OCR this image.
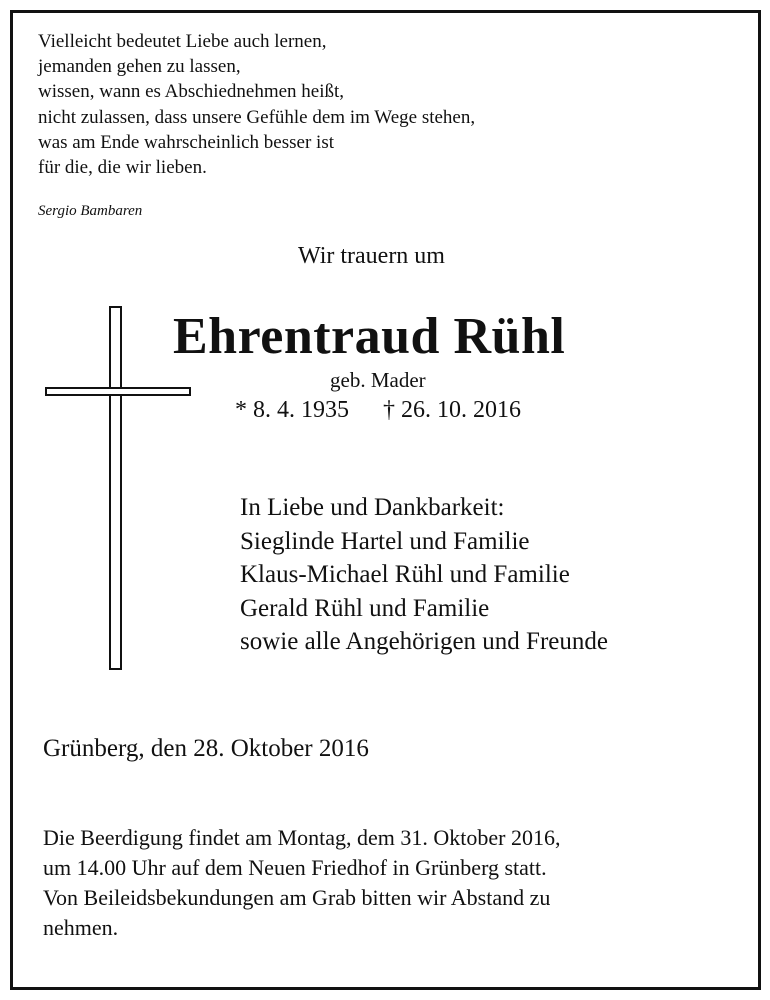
Vielleicht bedeutet Liebe auch lernen,
jemanden gehen zu lassen,
wissen, wann es Abschiednehmen heißt,
nicht zulassen, dass unsere Gefühle dem im Wege stehen,
was am Ende wahrscheinlich besser ist
für die, die wir lieben.
Sergio Bambaren
Wir trauern um
Ehrentraud Rühl
geb. Mader
* 8. 4. 1935 † 26. 10. 2016
In Liebe und Dankbarkeit:
Sieglinde Hartel und Familie
Klaus-Michael Rühl und Familie
Gerald Rühl und Familie
sowie alle Angehörigen und Freunde
Grünberg, den 28. Oktober 2016
Die Beerdigung findet am Montag, dem 31. Oktober 2016,
um 14.00 Uhr auf dem Neuen Friedhof in Grünberg statt.
Von Beileidsbekundungen am Grab bitten wir Abstand zu
nehmen.
